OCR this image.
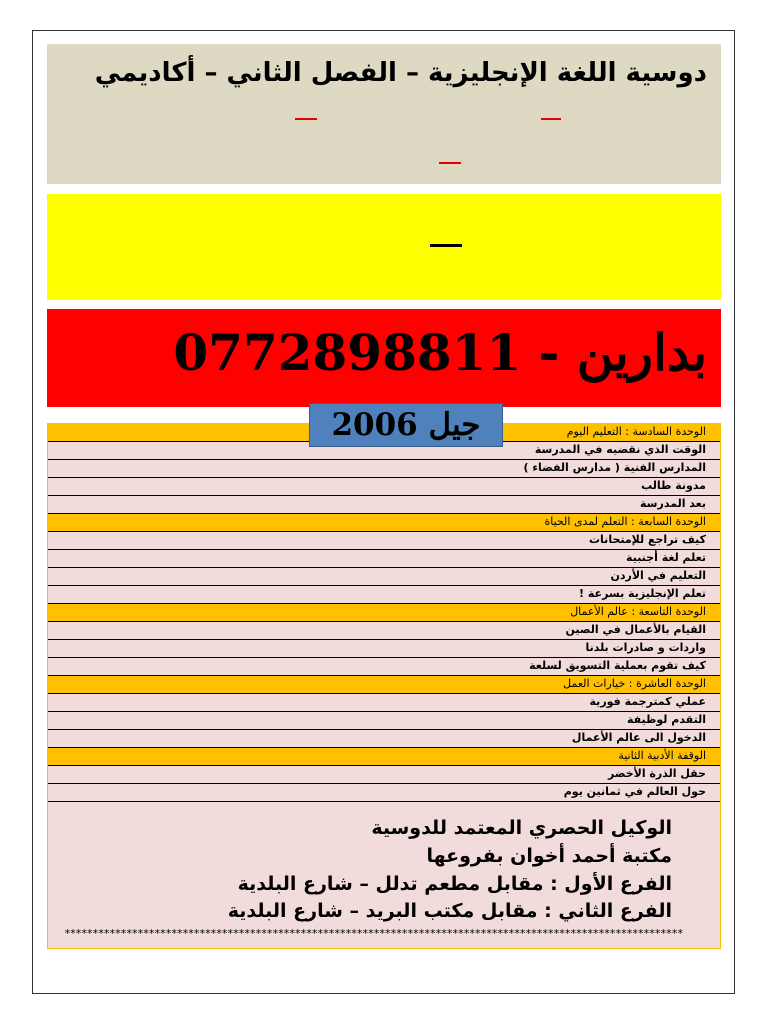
دوسية اللغة الإنجليزية – الفصل الثاني – أكاديمي
بدارين - 0772898811
الوحدة السادسة : التعليم اليوم
الوقت الذي نقضيه في المدرسة
المدارس الفنية ( مدارس الفضاء )
مدونة طالب
بعد المدرسة
الوحدة السابعة : التعلم لمدى الحياة
كيف تراجع للإمتحانات
تعلم لغة أجنبية
التعليم في الأردن
تعلم الإنجليزية بسرعة !
الوحدة التاسعة : عالم الأعمال
القيام بالأعمال في الصين
واردات و صادرات بلدنا
كيف تقوم بعملية التسويق لسلعة
الوحدة العاشرة : خيارات العمل
عملي كمترجمة فورية
التقدم لوظيفة
الدخول الى عالم الأعمال
الوقفة الأدبية الثانية
حقل الذرة الأخضر
حول العالم في ثمانين يوم
الوكيل الحصري المعتمد للدوسية
مكتبة أحمد أخوان بفروعها
الفرع الأول : مقابل مطعم تدلل – شارع البلدية
الفرع الثاني : مقابل مكتب البريد – شارع البلدية
**************************************************************************************************************
جيل 2006
